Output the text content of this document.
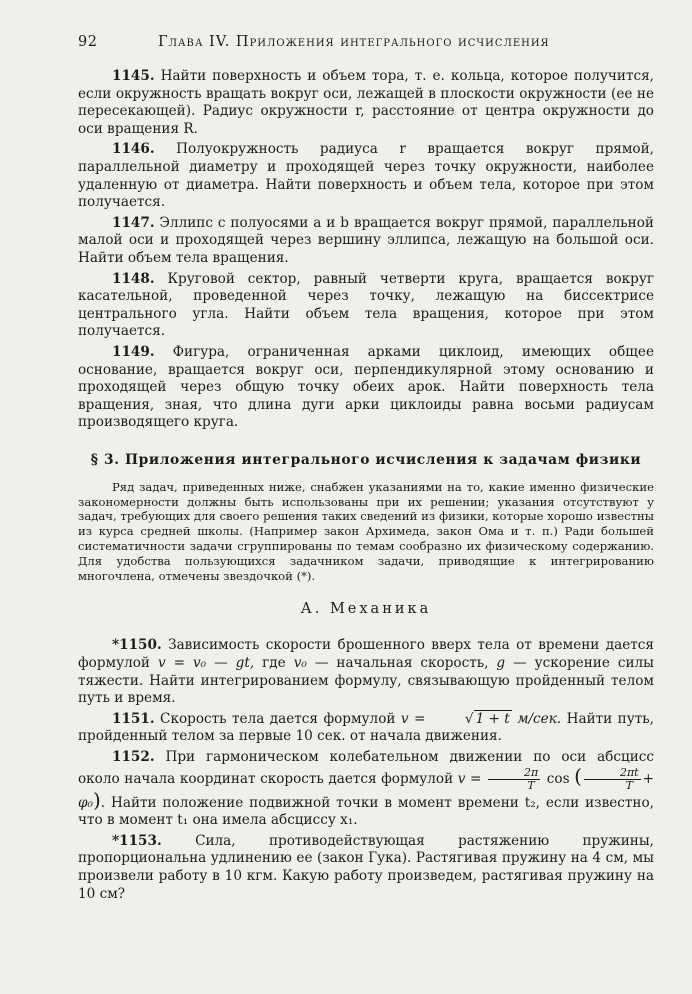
92	Глава IV. Приложения интегрального исчисления

1145. Найти поверхность и объем тора, т. е. кольца, которое получится, если окружность вращать вокруг оси, лежащей в плоскости окружности (ее не пересекающей). Радиус окружности r, расстояние от центра окружности до оси вращения R.

1146. Полуокружность радиуса r вращается вокруг прямой, параллельной диаметру и проходящей через точку окружности, наиболее удаленную от диаметра. Найти поверхность и объем тела, которое при этом получается.

1147. Эллипс с полуосями a и b вращается вокруг прямой, параллельной малой оси и проходящей через вершину эллипса, лежащую на большой оси. Найти объем тела вращения.

1148. Круговой сектор, равный четверти круга, вращается вокруг касательной, проведенной через точку, лежащую на биссектрисе центрального угла. Найти объем тела вращения, которое при этом получается.

1149. Фигура, ограниченная арками циклоид, имеющих общее основание, вращается вокруг оси, перпендикулярной этому основанию и проходящей через общую точку обеих арок. Найти поверхность тела вращения, зная, что длина дуги арки циклоиды равна восьми радиусам производящего круга.

§ 3. Приложения интегрального исчисления к задачам физики

Ряд задач, приведенных ниже, снабжен указаниями на то, какие именно физические закономерности должны быть использованы при их решении; указания отсутствуют у задач, требующих для своего решения таких сведений из физики, которые хорошо известны из курса средней школы. (Например закон Архимеда, закон Ома и т. п.) Ради большей систематичности задачи сгруппированы по темам сообразно их физическому содержанию. Для удобства пользующихся задачником задачи, приводящие к интегрированию многочлена, отмечены звездочкой (*).

А. Механика

*1150. Зависимость скорости брошенного вверх тела от времени дается формулой v = v₀ — gt, где v₀ — начальная скорость, g — ускорение силы тяжести. Найти интегрированием формулу, связывающую пройденный телом путь и время.

1151. Скорость тела дается формулой v =	√ 1 + t м/сек. Найти путь, пройденный телом за первые 10 сек. от начала движения.

1152. При гармоническом колебательном движении по оси абсцисс около начала координат скорость дается формулой $v = \frac{2\pi}{T}$ cos ( $\frac{2\pi t}{T} + \varphi_0$). Найти положение подвижной точки в момент времени t₂, если известно, что в момент t₁ она имела абсциссу x₁.

*1153. Сила, противодействующая растяжению пружины, пропорциональна удлинению ее (закон Гука). Растягивая пружину на 4 см, мы произвели работу в 10 кгм. Какую работу произведем, растягивая пружину на 10 см?
